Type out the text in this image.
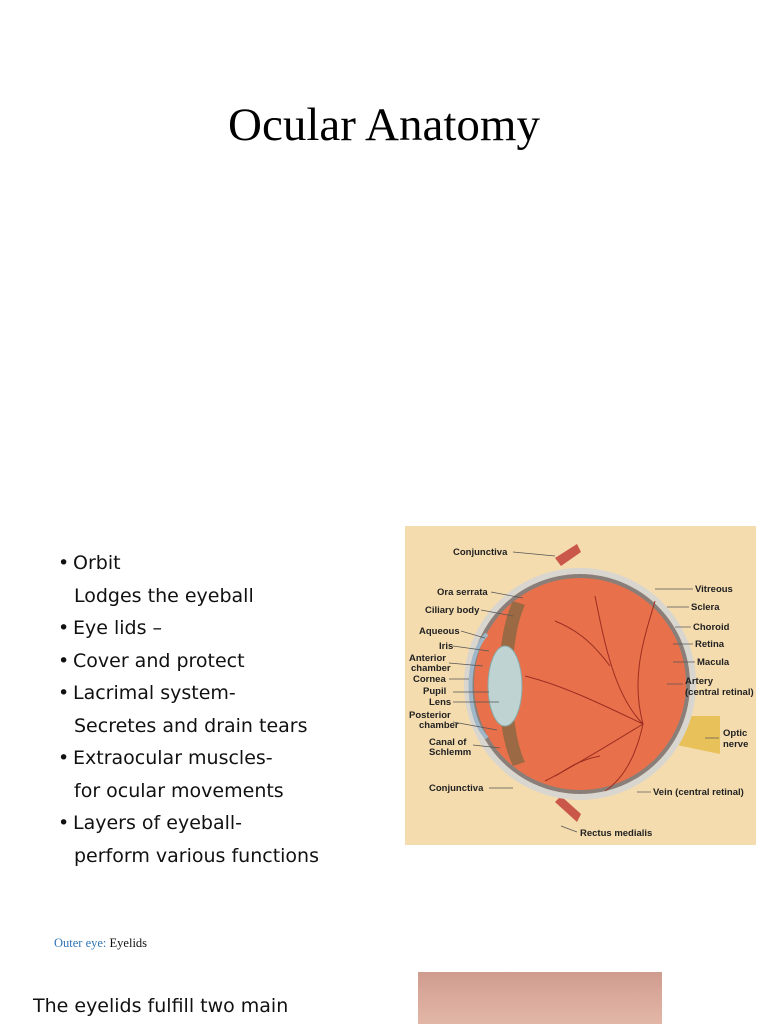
Ocular Anatomy
• Orbit
Lodges the eyeball
• Eye lids –
• Cover and protect
• Lacrimal system-
Secretes and drain tears
• Extraocular muscles-
for ocular movements
• Layers of eyeball-
perform various functions
Conjunctiva
Ora serrata
Ciliary body
Aqueous
Iris
Anterior
chamber
Cornea
Pupil
Lens
Posterior
chamber
Canal of
Schlemm
Conjunctiva
Vitreous
Sclera
Choroid
Retina
Macula
Artery
(central retinal)
Optic
nerve
Vein (central retinal)
Rectus medialis
Outer eye: Eyelids
The eyelids fulfill two main
